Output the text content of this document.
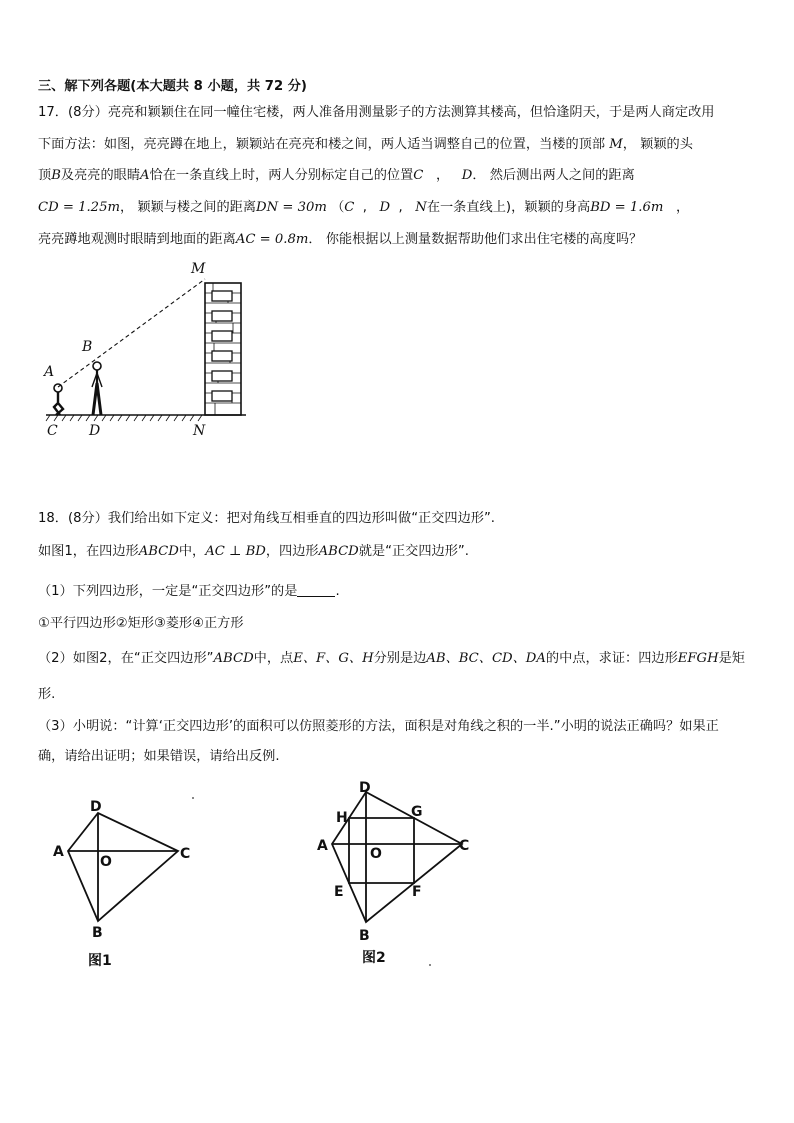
三、解下列各题(本大题共 8 小题，共 72 分)
17．(8分）亮亮和颖颖住在同一幢住宅楼，两人准备用测量影子的方法测算其楼高，但恰逢阴天，于是两人商定改用
下面方法：如图，亮亮蹲在地上，颖颖站在亮亮和楼之间，两人适当调整自己的位置，当楼的顶部 M， 颖颖的头
顶B及亮亮的眼睛A恰在一条直线上时，两人分别标定自己的位置C ， D． 然后测出两人之间的距离
CD = 1.25m， 颖颖与楼之间的距离DN = 30m （C  ,   D  ,   N在一条直线上)，颖颖的身高BD = 1.6m ，
亮亮蹲地观测时眼睛到地面的距离AC = 0.8m． 你能根据以上测量数据帮助他们求出住宅楼的高度吗？
M
B
A
C D	N
18．(8分）我们给出如下定义：把对角线互相垂直的四边形叫做“正交四边形”.
如图1，在四边形ABCD中，AC ⊥ BD，四边形ABCD就是“正交四边形”.
（1）下列四边形，一定是“正交四边形”的是	.
①平行四边形②矩形③菱形④正方形
（2）如图2，在“正交四边形”ABCD中，点E、F、G、H分别是边AB、BC、CD、DA的中点，求证：四边形EFGH是矩
形.
（3）小明说：“计算‘正交四边形’的面积可以仿照菱形的方法，面积是对角线之积的一半.”小明的说法正确吗？如果正
确，请给出证明；如果错误，请给出反例.
D
A
O	C
B
图1
D
H	G
A	O	C
E	F
B
图2
